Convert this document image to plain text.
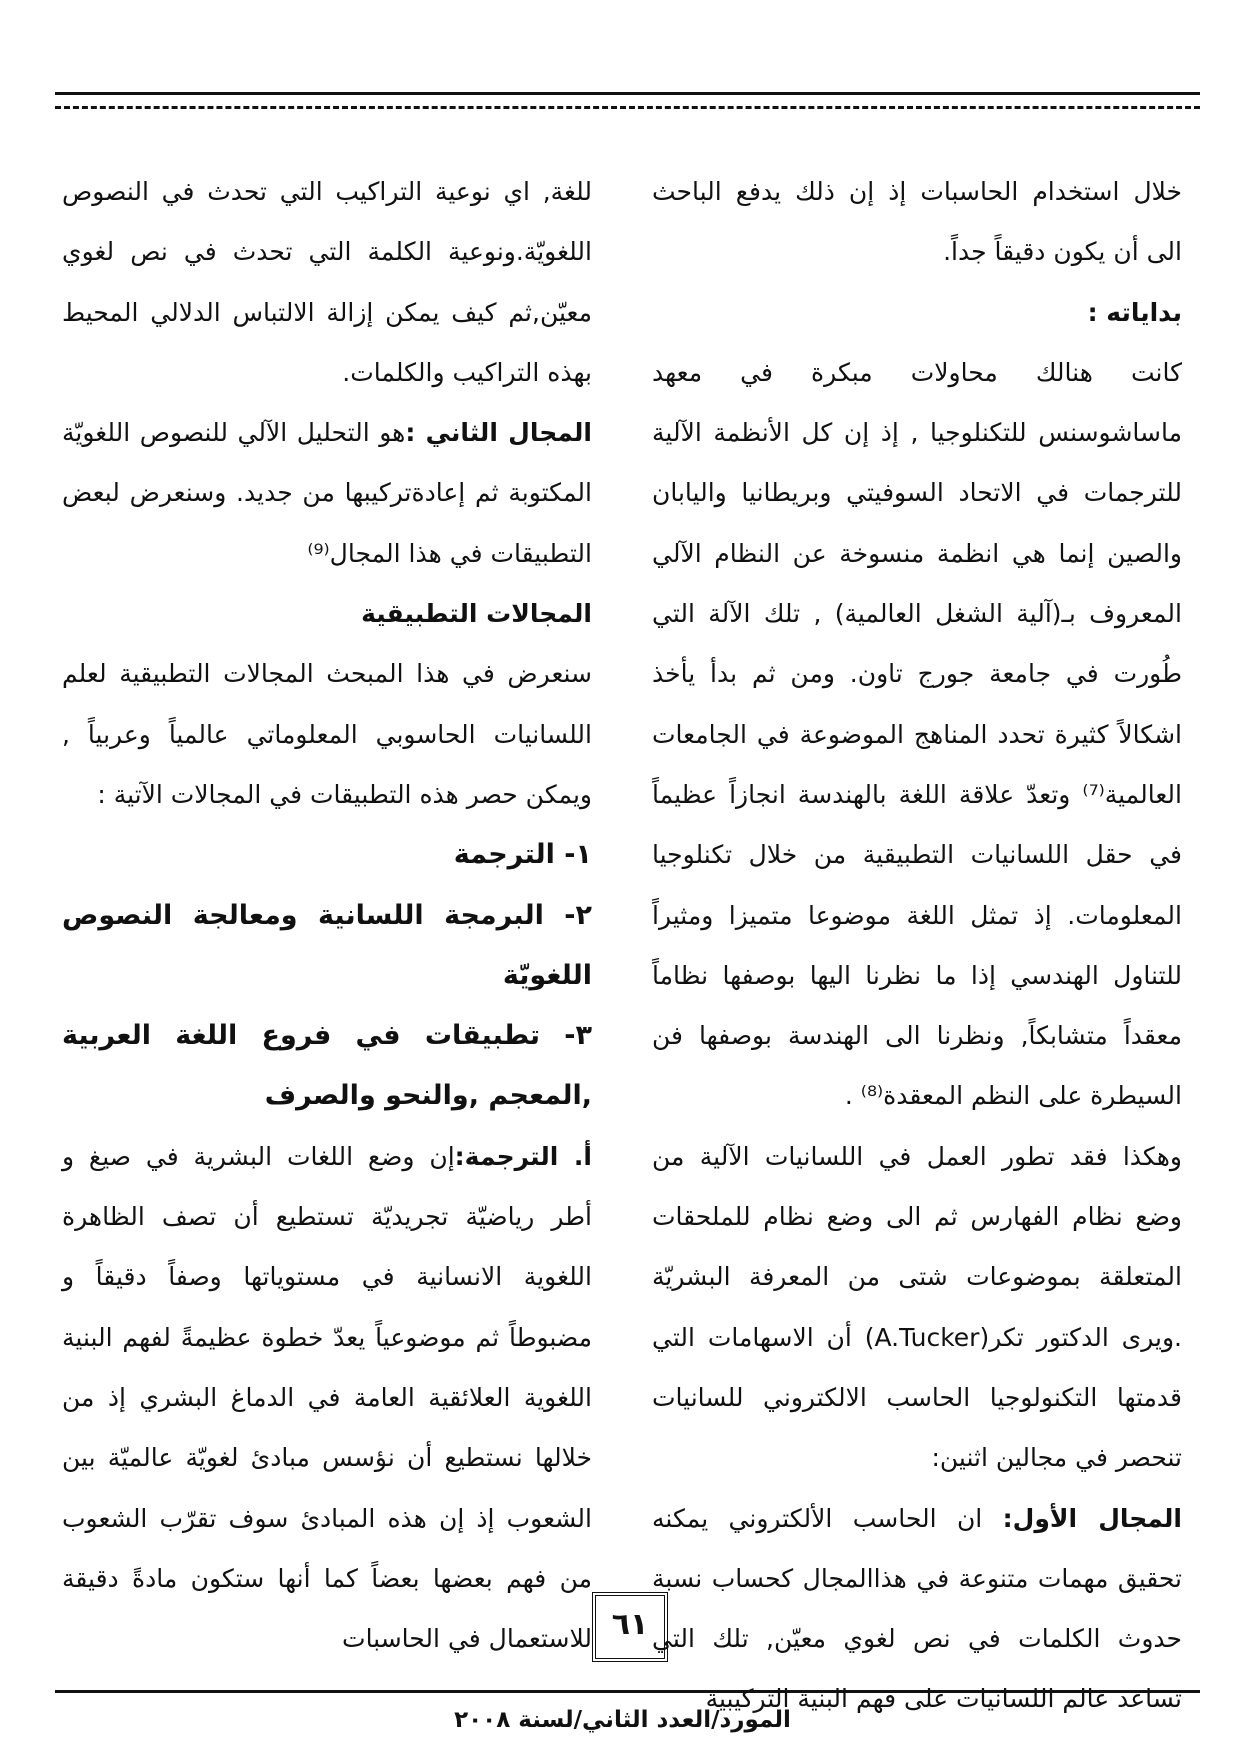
خلال استخدام الحاسبات إذ إن ذلك يدفع الباحث الى أن يكون دقيقاً جداً.

بداياته :

كانت هنالك محاولات مبكرة في معهد ماساشوسنس للتكنلوجيا , إذ إن كل الأنظمة الآلية للترجمات في الاتحاد السوفيتي وبريطانيا واليابان والصين إنما هي انظمة منسوخة عن النظام الآلي المعروف بـ(آلية الشغل العالمية) , تلك الآلة التي طُورت في جامعة جورج تاون. ومن ثم بدأ يأخذ اشكالاً كثيرة تحدد المناهج الموضوعة في الجامعات العالمية⁽⁷⁾ وتعدّ علاقة اللغة بالهندسة انجازاً عظيماً في حقل اللسانيات التطبيقية من خلال تكنلوجيا المعلومات. إذ تمثل اللغة موضوعا متميزا ومثيراً للتناول الهندسي إذا ما نظرنا اليها بوصفها نظاماً معقداً متشابكاً, ونظرنا الى الهندسة بوصفها فن السيطرة على النظم المعقدة⁽⁸⁾ .

وهكذا فقد تطور العمل في اللسانيات الآلية من وضع نظام الفهارس ثم الى وضع نظام للملحقات المتعلقة بموضوعات شتى من المعرفة البشريّة .ويرى الدكتور تكر(A.Tucker) أن الاسهامات التي قدمتها التكنولوجيا الحاسب الالكتروني للسانيات تنحصر في مجالين اثنين:

المجال الأول: ان الحاسب الألكتروني يمكنه تحقيق مهمات متنوعة في هذاالمجال كحساب نسبة حدوث الكلمات في نص لغوي معيّن, تلك التي تساعد عالم اللسانيات على فهم البنية التركيبية

للغة, اي نوعية التراكيب التي تحدث في النصوص اللغويّة.ونوعية الكلمة التي تحدث في نص لغوي معيّن,ثم كيف يمكن إزالة الالتباس الدلالي المحيط بهذه التراكيب والكلمات.

المجال الثاني :هو التحليل الآلي للنصوص اللغويّة المكتوبة ثم إعادةتركيبها من جديد. وسنعرض لبعض التطبيقات في هذا المجال⁽⁹⁾

المجالات التطبيقية

سنعرض في هذا المبحث المجالات التطبيقية لعلم اللسانيات الحاسوبي المعلوماتي عالمياً وعربياً , ويمكن حصر هذه التطبيقات في المجالات الآتية :

١- الترجمة

٢- البرمجة اللسانية ومعالجة النصوص اللغويّة

٣- تطبيقات في فروع اللغة العربية ,المعجم ,والنحو والصرف

أ. الترجمة:إن وضع اللغات البشرية في صيغ و أطر رياضيّة تجريديّة تستطيع أن تصف الظاهرة اللغوية الانسانية في مستوياتها وصفاً دقيقاً و مضبوطاً ثم موضوعياً يعدّ خطوة عظيمةً لفهم البنية اللغوية العلائقية العامة في الدماغ البشري إذ من خلالها نستطيع أن نؤسس مبادئ لغويّة عالميّة بين الشعوب إذ إن هذه المبادئ سوف تقرّب الشعوب من فهم بعضها بعضاً كما أنها ستكون مادةً دقيقة للاستعمال في الحاسبات ٦١
المورد/العدد الثاني/لسنة ٢٠٠٨
